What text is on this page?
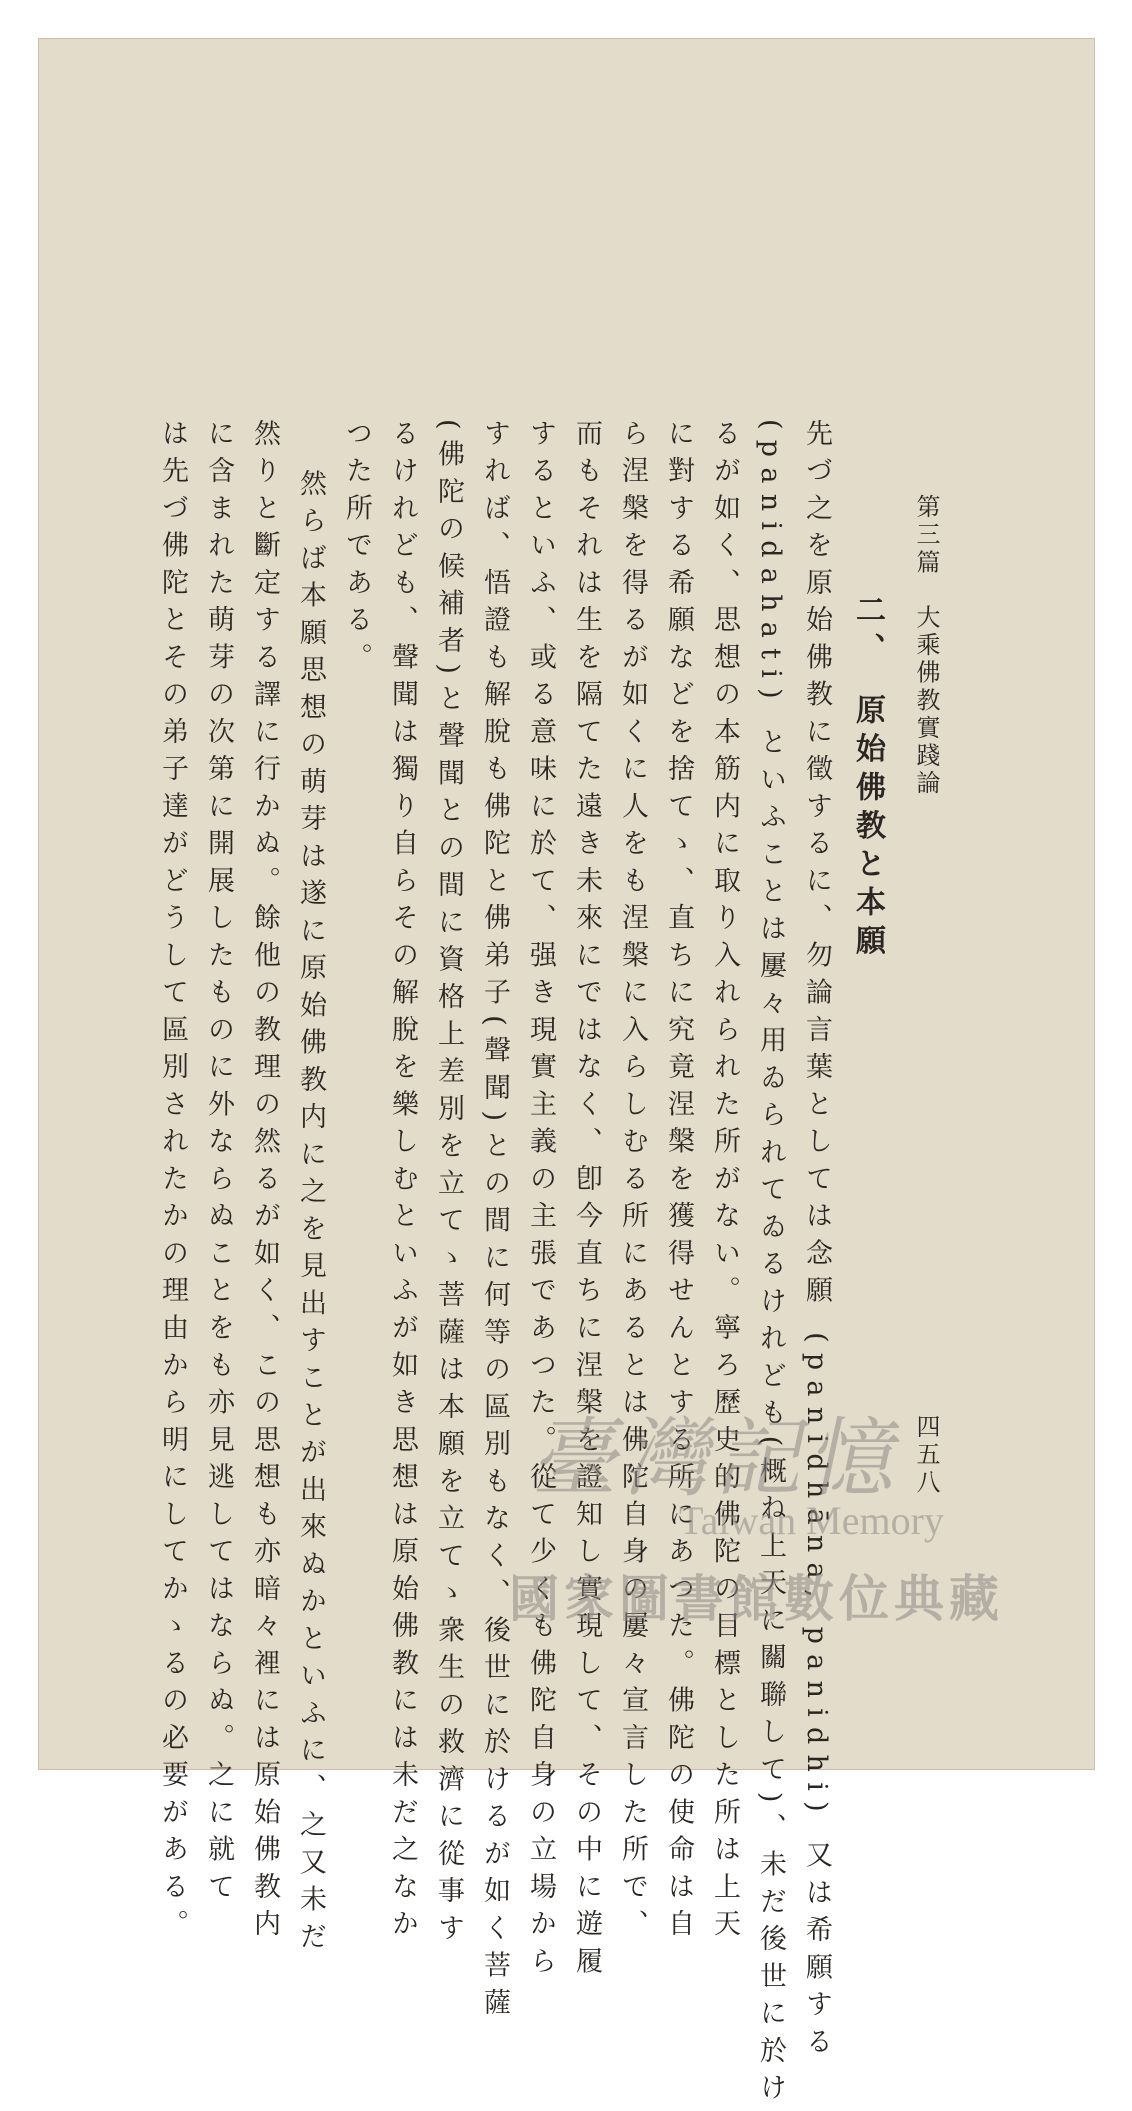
第三篇　大乘佛教實踐論
四五八
二、　原始佛教と本願
先づ之を原始佛教に徵するに、勿論言葉としては念願 (panidhāna, panidhi) 又は希願する
(panidahati) といふことは屢々用ゐられてゐるけれども(概ね上天に關聯して)、未だ後世に於け
るが如く、思想の本筋内に取り入れられた所がない。寧ろ歷史的佛陀の目標とした所は上天
に對する希願などを捨てゝ、直ちに究竟涅槃を獲得せんとする所にあつた。佛陀の使命は自
ら涅槃を得るが如くに人をも涅槃に入らしむる所にあるとは佛陀自身の屢々宣言した所で、
而もそれは生を隔てた遠き未來にではなく、卽今直ちに涅槃を證知し實現して、その中に遊履
するといふ、或る意味に於て、强き現實主義の主張であつた。從て少くも佛陀自身の立場から
すれば、悟證も解脫も佛陀と佛弟子(聲聞)との間に何等の區別もなく、後世に於けるが如く菩薩
(佛陀の候補者)と聲聞との間に資格上差別を立てゝ菩薩は本願を立てゝ衆生の救濟に從事す
るけれども、聲聞は獨り自らその解脫を樂しむといふが如き思想は原始佛教には未だ之なか
つた所である。
然らば本願思想の萌芽は遂に原始佛教内に之を見出すことが出來ぬかといふに、之又未だ
然りと斷定する譯に行かぬ。餘他の教理の然るが如く、この思想も亦暗々裡には原始佛教内
に含まれた萌芽の次第に開展したものに外ならぬことをも亦見逃してはならぬ。之に就て
は先づ佛陀とその弟子達がどうして區別されたかの理由から明にしてかゝるの必要がある。	臺灣記憶
Taiwan Memory
國家圖書館數位典藏
